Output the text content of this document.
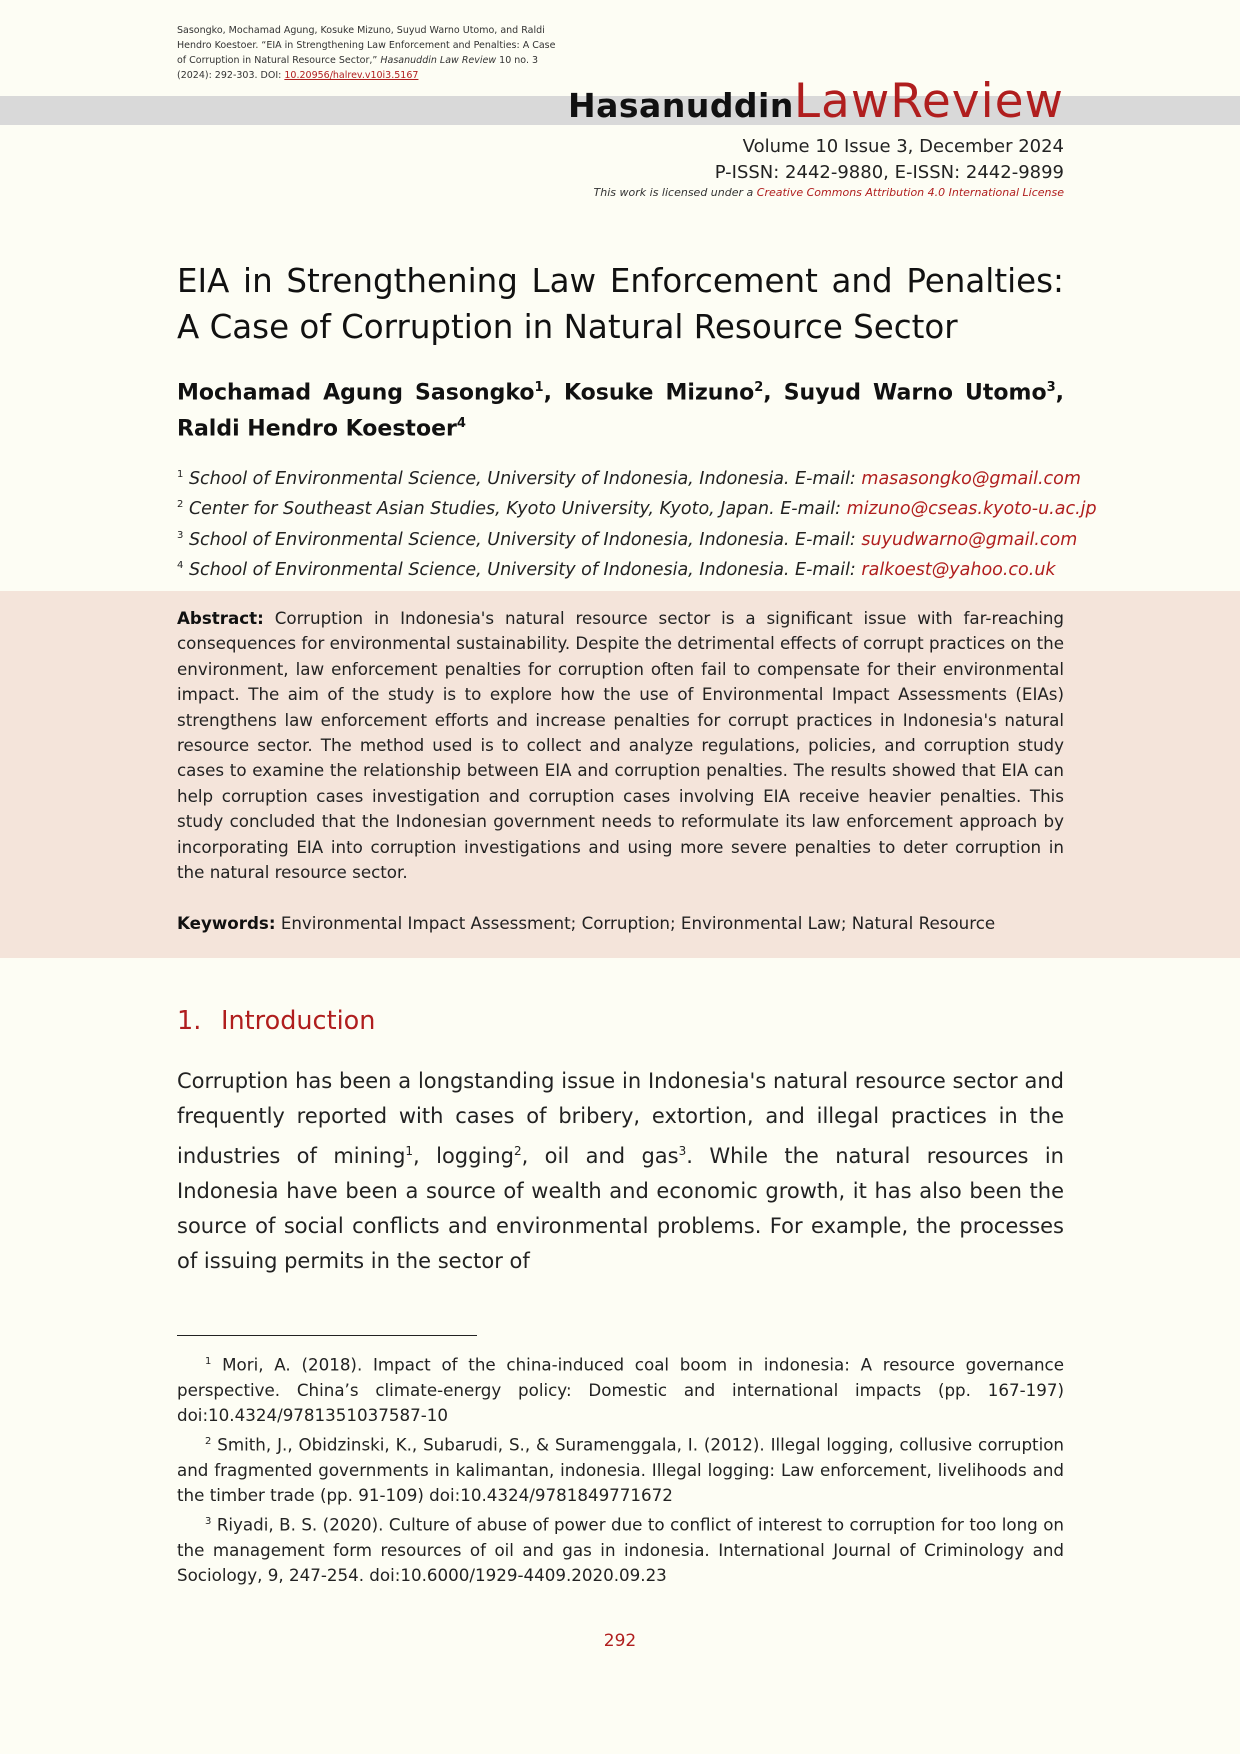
Sasongko, Mochamad Agung, Kosuke Mizuno, Suyud Warno Utomo, and Raldi Hendro Koestoer. “EIA in Strengthening Law Enforcement and Penalties: A Case of Corruption in Natural Resource Sector,” Hasanuddin Law Review 10 no. 3 (2024): 292-303. DOI: 10.20956/halrev.v10i3.5167
HasanuddinLawReview
Volume 10 Issue 3, December 2024
P-ISSN: 2442-9880, E-ISSN: 2442-9899
This work is licensed under a Creative Commons Attribution 4.0 International License
EIA in Strengthening Law Enforcement and Penalties: A Case of Corruption in Natural Resource Sector
Mochamad Agung Sasongko$^1$, Kosuke Mizuno$^2$, Suyud Warno Utomo$^3$, Raldi Hendro Koestoer$^4$
$^1$ School of Environmental Science, University of Indonesia, Indonesia. E-mail: masasongko@gmail.com
$^2$ Center for Southeast Asian Studies, Kyoto University, Kyoto, Japan. E-mail: mizuno@cseas.kyoto-u.ac.jp
$^3$ School of Environmental Science, University of Indonesia, Indonesia. E-mail: suyudwarno@gmail.com
$^4$ School of Environmental Science, University of Indonesia, Indonesia. E-mail: ralkoest@yahoo.co.uk
Abstract: Corruption in Indonesia's natural resource sector is a significant issue with far-reaching consequences for environmental sustainability. Despite the detrimental effects of corrupt practices on the environment, law enforcement penalties for corruption often fail to compensate for their environmental impact. The aim of the study is to explore how the use of Environmental Impact Assessments (EIAs) strengthens law enforcement efforts and increase penalties for corrupt practices in Indonesia's natural resource sector. The method used is to collect and analyze regulations, policies, and corruption study cases to examine the relationship between EIA and corruption penalties. The results showed that EIA can help corruption cases investigation and corruption cases involving EIA receive heavier penalties. This study concluded that the Indonesian government needs to reformulate its law enforcement approach by incorporating EIA into corruption investigations and using more severe penalties to deter corruption in the natural resource sector.
Keywords: Environmental Impact Assessment; Corruption; Environmental Law; Natural Resource
1. Introduction
Corruption has been a longstanding issue in Indonesia's natural resource sector and frequently reported with cases of bribery, extortion, and illegal practices in the industries of mining$^1$, logging$^2$, oil and gas$^3$. While the natural resources in Indonesia have been a source of wealth and economic growth, it has also been the source of social conflicts and environmental problems. For example, the processes of issuing permits in the sector of

$^1$ Mori, A. (2018). Impact of the china-induced coal boom in indonesia: A resource governance perspective. China’s climate-energy policy: Domestic and international impacts (pp. 167-197) doi:10.4324/9781351037587-10

$^2$ Smith, J., Obidzinski, K., Subarudi, S., & Suramenggala, I. (2012). Illegal logging, collusive corruption and fragmented governments in kalimantan, indonesia. Illegal logging: Law enforcement, livelihoods and the timber trade (pp. 91-109) doi:10.4324/9781849771672

$^3$ Riyadi, B. S. (2020). Culture of abuse of power due to conflict of interest to corruption for too long on the management form resources of oil and gas in indonesia. International Journal of Criminology and Sociology, 9, 247-254. doi:10.6000/1929-4409.2020.09.23

292
